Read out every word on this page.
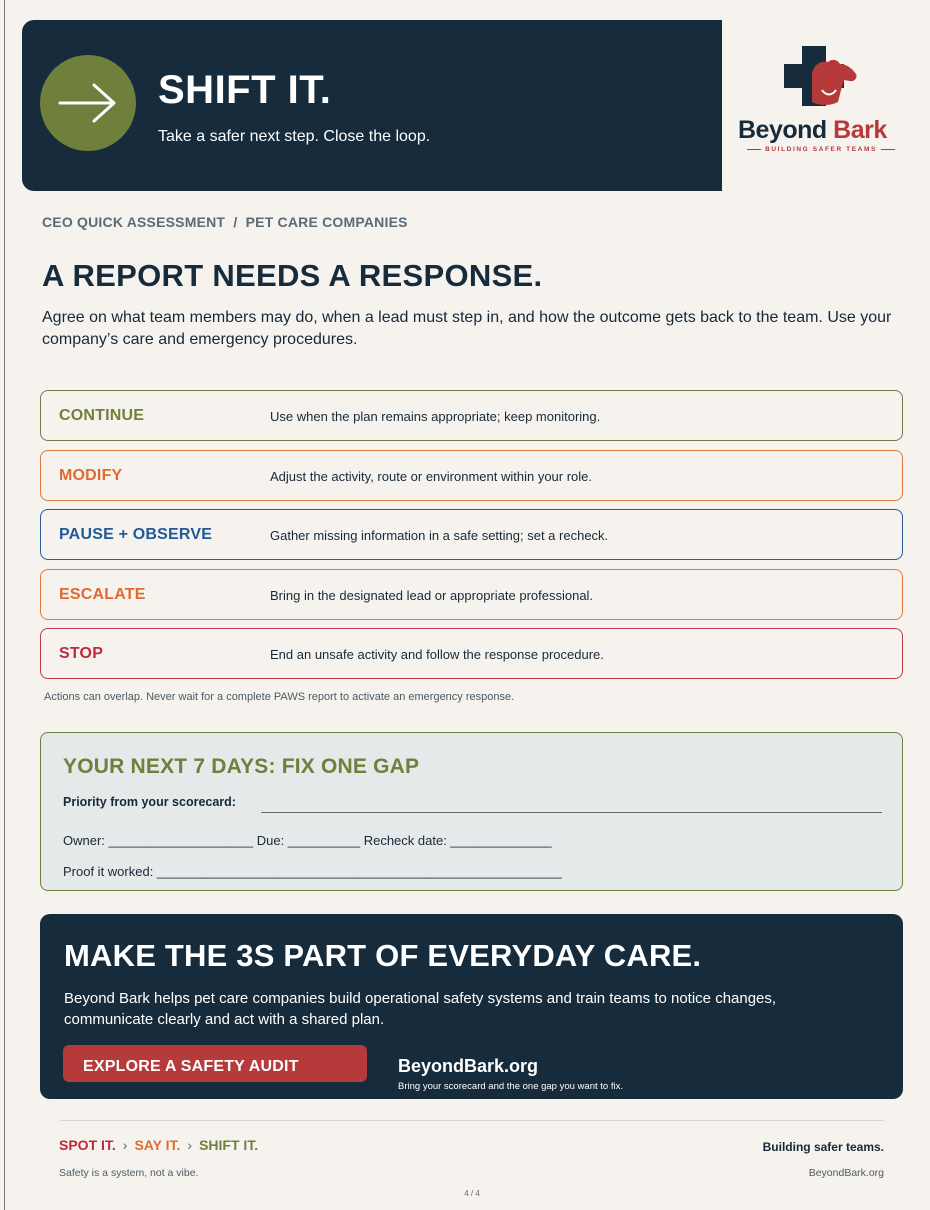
SHIFT IT.
Take a safer next step. Close the loop.	Beyond Bark
BUILDING SAFER TEAMS
CEO QUICK ASSESSMENT  /  PET CARE COMPANIES
A REPORT NEEDS A RESPONSE.
Agree on what team members may do, when a lead must step in, and how the outcome gets back to the team. Use your company’s care and emergency procedures.
CONTINUE	Use when the plan remains appropriate; keep monitoring.
MODIFY	Adjust the activity, route or environment within your role.
PAUSE + OBSERVE	Gather missing information in a safe setting; set a recheck.
ESCALATE	Bring in the designated lead or appropriate professional.
STOP	End an unsafe activity and follow the response procedure.
Actions can overlap. Never wait for a complete PAWS report to activate an emergency response.
YOUR NEXT 7 DAYS: FIX ONE GAP
Priority from your scorecard:
Owner: ____________________ Due: __________ Recheck date: ______________
Proof it worked: ________________________________________________________
MAKE THE 3S PART OF EVERYDAY CARE.
Beyond Bark helps pet care companies build operational safety systems and train teams to notice changes, communicate clearly and act with a shared plan.
EXPLORE A SAFETY AUDIT	BeyondBark.org
Bring your scorecard and the one gap you want to fix.
SPOT IT. › SAY IT. › SHIFT IT.	Building safer teams.
Safety is a system, not a vibe.	BeyondBark.org
4 / 4
